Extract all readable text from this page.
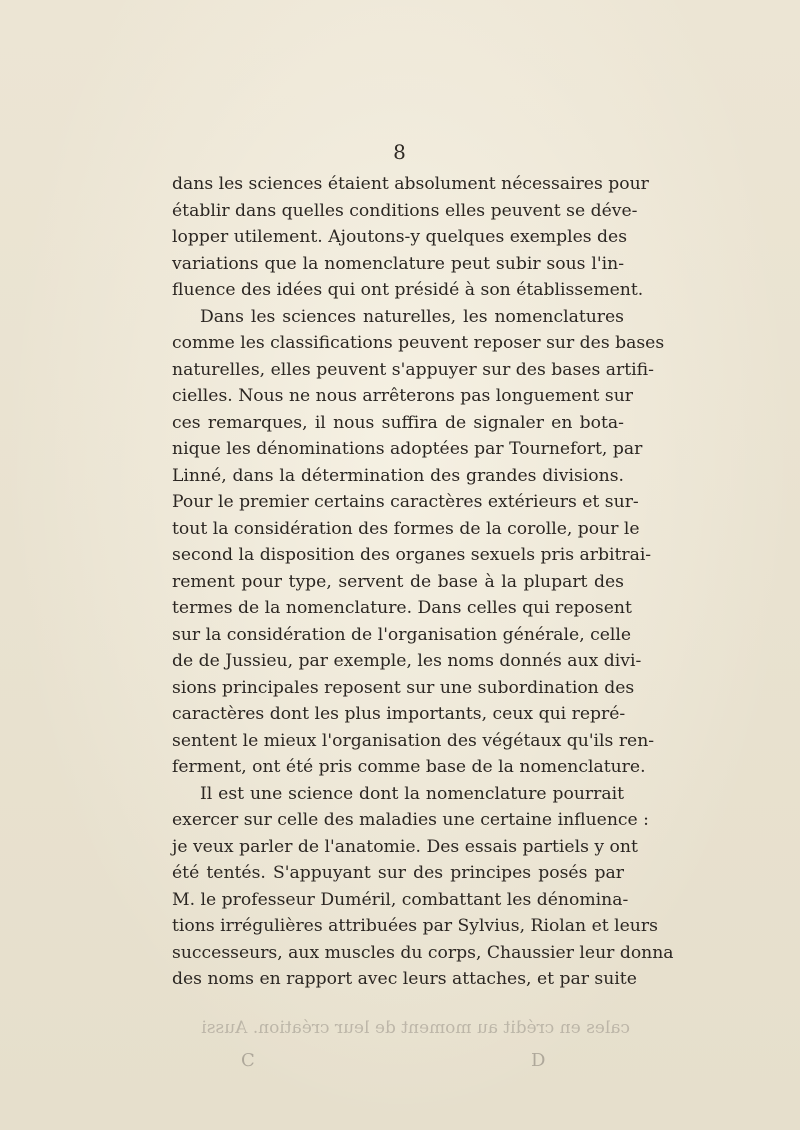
8
dans les sciences étaient absolument nécessaires pour
établir dans quelles conditions elles peuvent se déve-
lopper utilement. Ajoutons-y quelques exemples des
variations que la nomenclature peut subir sous l'in-
fluence des idées qui ont présidé à son établissement.
Dans les sciences naturelles, les nomenclatures
comme les classifications peuvent reposer sur des bases
naturelles, elles peuvent s'appuyer sur des bases artifi-
cielles. Nous ne nous arrêterons pas longuement sur
ces remarques, il nous suffira de signaler en bota-
nique les dénominations adoptées par Tournefort, par
Linné, dans la détermination des grandes divisions.
Pour le premier certains caractères extérieurs et sur-
tout la considération des formes de la corolle, pour le
second la disposition des organes sexuels pris arbitrai-
rement pour type, servent de base à la plupart des
termes de la nomenclature. Dans celles qui reposent
sur la considération de l'organisation générale, celle
de de Jussieu, par exemple, les noms donnés aux divi-
sions principales reposent sur une subordination des
caractères dont les plus importants, ceux qui repré-
sentent le mieux l'organisation des végétaux qu'ils ren-
ferment, ont été pris comme base de la nomenclature.
Il est une science dont la nomenclature pourrait
exercer sur celle des maladies une certaine influence :
je veux parler de l'anatomie. Des essais partiels y ont
été tentés. S'appuyant sur des principes posés par
M. le professeur Duméril, combattant les dénomina-
tions irrégulières attribuées par Sylvius, Riolan et leurs
successeurs, aux muscles du corps, Chaussier leur donna
des noms en rapport avec leurs attaches, et par suite
cales en crédit au moment de leur création. Aussi
C	D
